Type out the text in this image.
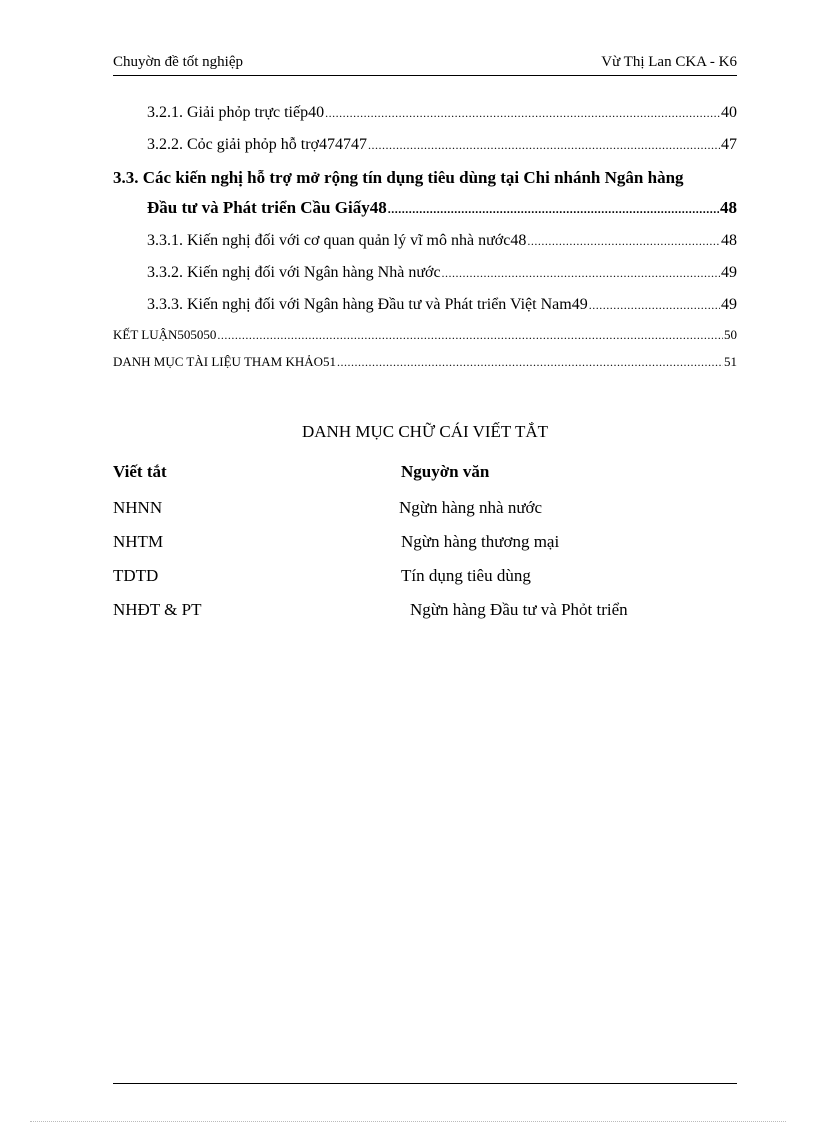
Chuyờn đề tốt nghiệp	Vừ Thị Lan CKA - K6
3.2.1. Giải phỏp trực tiếp40 .....	40
3.2.2. Cỏc giải phỏp hỗ trợ474747 .....	47
3.3. Các kiến nghị hỗ trợ mở rộng tín dụng tiêu dùng tại Chi nhánh Ngân hàng
Đầu tư và Phát triển Cầu Giấy48 .....	48
3.3.1. Kiến nghị đối với cơ quan quản lý vĩ mô nhà nước48 .....	48
3.3.2. Kiến nghị đối với Ngân hàng Nhà nước .....	49
3.3.3. Kiến nghị đối với Ngân hàng Đầu tư và Phát triển Việt Nam49 .....	49
KẾT LUẬN505050 .....	50
DANH MỤC TÀI LIỆU THAM KHẢO51 .....	51
DANH MỤC CHỮ CÁI VIẾT TẮT
Viết tắt	Nguyờn văn
NHNN	Ngừn hàng nhà nước
NHTM	Ngừn hàng thương mại
TDTD	Tín dụng tiêu dùng
NHĐT & PT	Ngừn hàng Đầu tư và Phỏt triển
